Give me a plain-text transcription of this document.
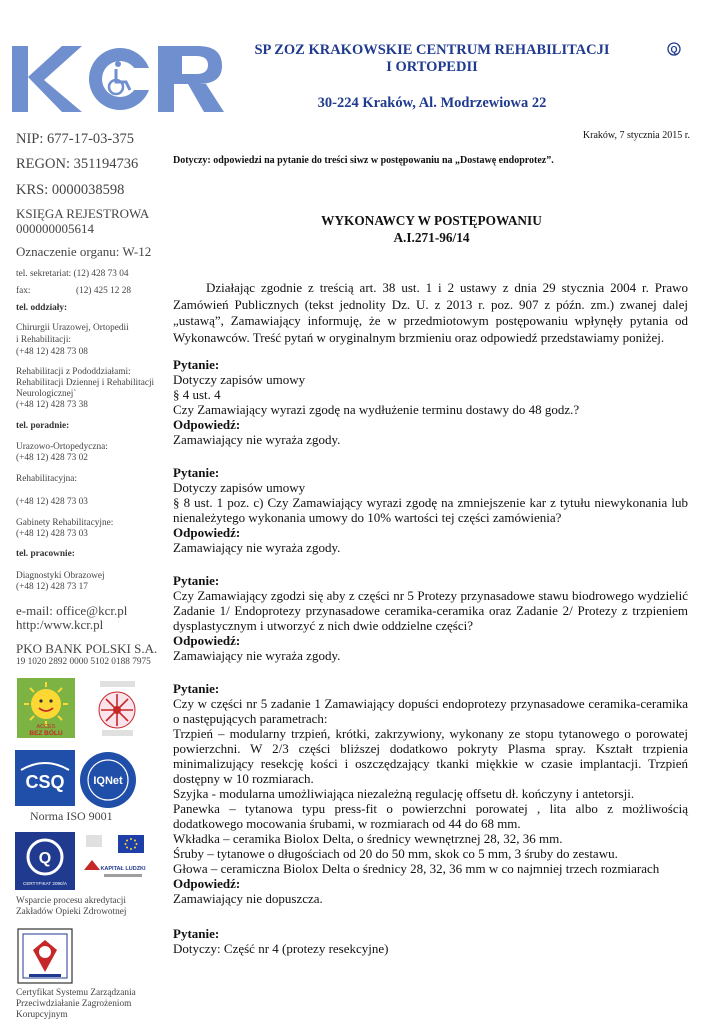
SP ZOZ KRAKOWSKIE CENTRUM REHABILITACJI
I ORTOPEDII
30-224 Kraków, Al. Modrzewiowa 22
Q
NIP: 677-17-03-375
REGON: 351194736
KRS: 0000038598
KSIĘGA REJESTROWA
000000005614
Oznaczenie organu: W-12
tel. sekretariat: (12) 428 73 04
fax:	(12) 425 12 28
tel. oddziały:
Chirurgii Urazowej, Ortopedii
i Rehabilitacji:
(+48 12) 428 73 08
Rehabilitacji z Pododdziałami:
Rehabilitacji Dziennej i Rehabilitacji
Neurologicznej`
(+48 12) 428 73 38
tel. poradnie:
Urazowo-Ortopedyczna:
(+48 12) 428 73 02
Rehabilitacyjna:
(+48 12) 428 73 03
Gabinety Rehabilitacyjne:
(+48 12) 428 73 03
tel. pracownie:
Diagnostyki Obrazowej
(+48 12) 428 73 17
e-mail: office@kcr.pl
http:/www.kcr.pl
PKO BANK POLSKI S.A.
19 1020 2892 0000 5102 0188 7975
ACCES
BEZ BÓLU
CSQ	IQNet
Norma ISO 9001
Q
CERTYFIKAT 2090/A
KAPITAŁ LUDZKI
Wsparcie procesu akredytacji
Zakładów Opieki Zdrowotnej
Certyfikat Systemu Zarządzania
Przeciwdziałanie Zagrożeniom
Korupcyjnym
Kraków, 7 stycznia 2015 r.
Dotyczy: odpowiedzi na pytanie do treści siwz w postępowaniu na „Dostawę endoprotez”.
WYKONAWCY W POSTĘPOWANIU
A.I.271-96/14
Działając zgodnie z treścią art. 38 ust. 1 i 2 ustawy z dnia 29 stycznia 2004 r. Prawo Zamówień Publicznych (tekst jednolity Dz. U. z 2013 r. poz. 907 z późn. zm.) zwanej dalej „ustawą”, Zamawiający informuję, że w przedmiotowym postępowaniu wpłynęły pytania od Wykonawców. Treść pytań w oryginalnym brzmieniu oraz odpowiedź przedstawiamy poniżej.
Pytanie:
Dotyczy zapisów umowy
§ 4 ust. 4
Czy Zamawiający wyrazi zgodę na wydłużenie terminu dostawy do 48 godz.?
Odpowiedź:
Zamawiający nie wyraża zgody.
Pytanie:
Dotyczy zapisów umowy
§ 8 ust. 1 poz. c) Czy Zamawiający wyrazi zgodę na zmniejszenie kar z tytułu niewykonania lub nienależytego wykonania umowy do 10% wartości tej części zamówienia?
Odpowiedź:
Zamawiający nie wyraża zgody.
Pytanie:
Czy Zamawiający zgodzi się aby z części nr 5 Protezy przynasadowe stawu biodrowego wydzielić Zadanie 1/ Endoprotezy przynasadowe ceramika-ceramika oraz Zadanie 2/ Protezy z trzpieniem dysplastycznym i utworzyć z nich dwie oddzielne części?
Odpowiedź:
Zamawiający nie wyraża zgody.
Pytanie:
Czy w części nr 5 zadanie 1 Zamawiający dopuści endoprotezy przynasadowe ceramika-ceramika o następujących parametrach:
Trzpień – modularny trzpień, krótki, zakrzywiony, wykonany ze stopu tytanowego o porowatej powierzchni. W 2/3 części bliższej dodatkowo pokryty Plasma spray. Kształt trzpienia minimalizujący resekcję kości i oszczędzający tkanki miękkie w czasie implantacji. Trzpień dostępny w 10 rozmiarach.
Szyjka - modularna umożliwiająca niezależną regulację offsetu dł. kończyny i antetorsji.
Panewka – tytanowa typu press-fit o powierzchni porowatej , lita albo z możliwością dodatkowego mocowania śrubami, w rozmiarach od 44 do 68 mm.
Wkładka – ceramika Biolox Delta, o średnicy wewnętrznej 28, 32, 36 mm.
Śruby – tytanowe o długościach od 20 do 50 mm, skok co 5 mm, 3 śruby do zestawu.
Głowa – ceramiczna Biolox Delta o średnicy 28, 32, 36 mm w co najmniej trzech rozmiarach
Odpowiedź:
Zamawiający nie dopuszcza.
Pytanie:
Dotyczy: Część nr 4 (protezy resekcyjne)
